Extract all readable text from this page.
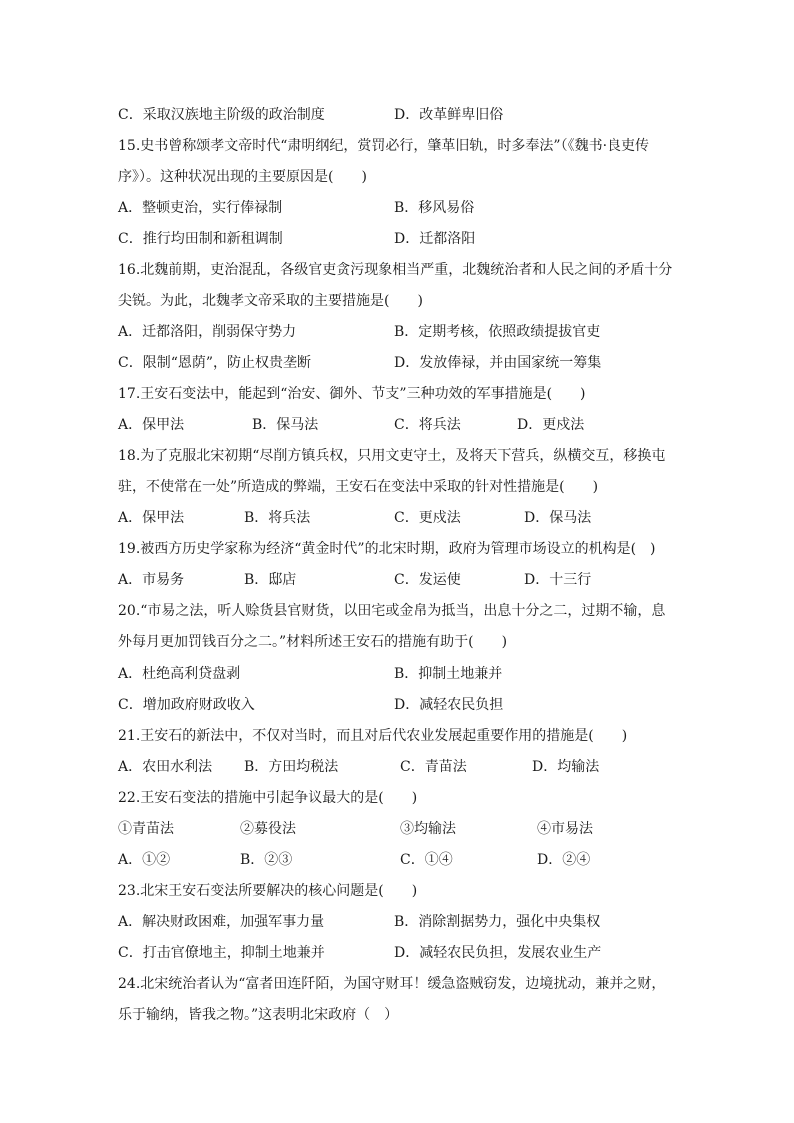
C．采取汉族地主阶级的政治制度	D．改革鲜卑旧俗
15.史书曾称颂孝文帝时代“肃明纲纪，赏罚必行，肇革旧轨，时多奉法”（《魏书·良吏传
序》）。这种状况出现的主要原因是(　　)
A．整顿吏治，实行俸禄制	B．移风易俗
C．推行均田制和新租调制	D．迁都洛阳
16.北魏前期，吏治混乱，各级官吏贪污现象相当严重，北魏统治者和人民之间的矛盾十分
尖锐。为此，北魏孝文帝采取的主要措施是(　　)
A．迁都洛阳，削弱保守势力	B．定期考核，依照政绩提拔官吏
C．限制“恩荫”，防止权贵垄断	D．发放俸禄，并由国家统一筹集
17.王安石变法中，能起到“治安、御外、节支”三种功效的军事措施是(　　)
A．保甲法	B．保马法	C．将兵法	D．更戍法
18.为了克服北宋初期“尽削方镇兵权，只用文吏守土，及将天下营兵，纵横交互，移换屯
驻，不使常在一处”所造成的弊端，王安石在变法中采取的针对性措施是(　　)
A．保甲法	B．将兵法	C．更戍法	D．保马法
19.被西方历史学家称为经济“黄金时代”的北宋时期，政府为管理市场设立的机构是(　)
A．市易务	B．邸店	C．发运使	D．十三行
20.“市易之法，听人赊货县官财货，以田宅或金帛为抵当，出息十分之二，过期不输，息
外每月更加罚钱百分之二。”材料所述王安石的措施有助于(　　)
A．杜绝高利贷盘剥	B．抑制土地兼并
C．增加政府财政收入	D．减轻农民负担
21.王安石的新法中，不仅对当时，而且对后代农业发展起重要作用的措施是(　　)
A．农田水利法 B．方田均税法	C．青苗法	D．均输法
22.王安石变法的措施中引起争议最大的是(　　)
①青苗法	②募役法	③均输法	④市易法
A．①②	B．②③	C．①④	D．②④
23.北宋王安石变法所要解决的核心问题是(　　)
A．解决财政困难，加强军事力量	B．消除割据势力，强化中央集权
C．打击官僚地主，抑制土地兼并	D．减轻农民负担，发展农业生产
24.北宋统治者认为“富者田连阡陌，为国守财耳！缓急盗贼窃发，边境扰动，兼并之财，
乐于输纳，皆我之物。”这表明北宋政府（　）
